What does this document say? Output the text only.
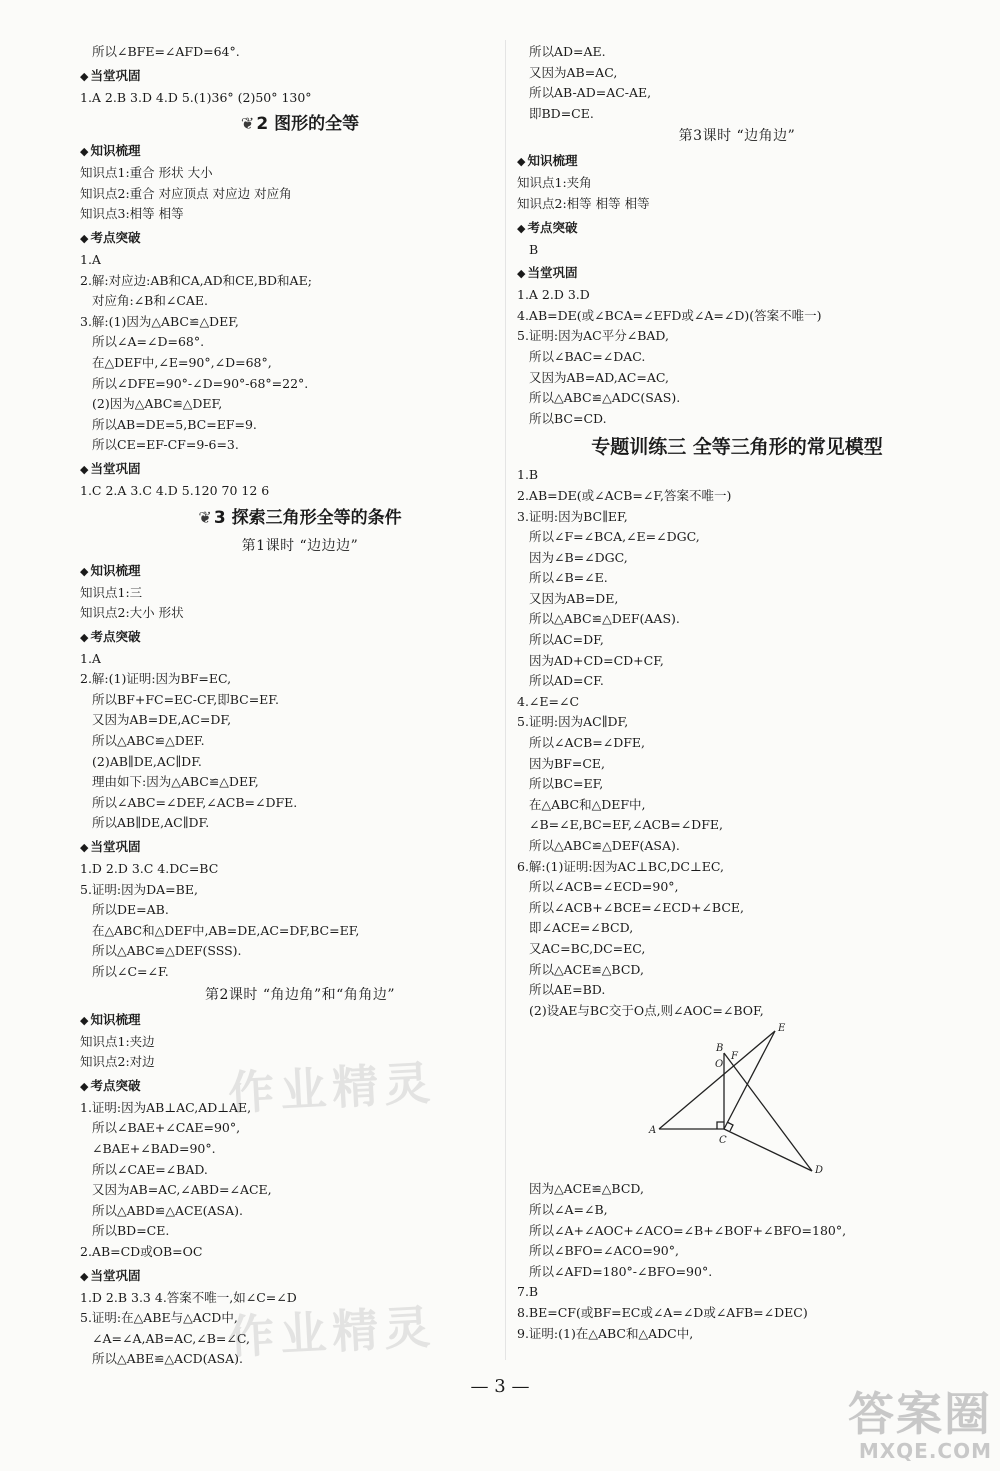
所以∠BFE=∠AFD=64°.
◆ 当堂巩固
1.A 2.B 3.D 4.D 5.(1)36° (2)50° 130°
❦ 2 图形的全等
◆ 知识梳理
知识点1:重合 形状 大小
知识点2:重合 对应顶点 对应边 对应角
知识点3:相等 相等
◆ 考点突破
1.A
2.解:对应边:AB和CA,AD和CE,BD和AE;
对应角:∠B和∠CAE.
3.解:(1)因为△ABC≌△DEF,
所以∠A=∠D=68°.
在△DEF中,∠E=90°,∠D=68°,
所以∠DFE=90°-∠D=90°-68°=22°.
(2)因为△ABC≌△DEF,
所以AB=DE=5,BC=EF=9.
所以CE=EF-CF=9-6=3.
◆ 当堂巩固
1.C 2.A 3.C 4.D 5.120 70 12 6
❦ 3 探索三角形全等的条件
第1课时 “边边边”
◆ 知识梳理
知识点1:三
知识点2:大小 形状
◆ 考点突破
1.A
2.解:(1)证明:因为BF=EC,
所以BF+FC=EC-CF,即BC=EF.
又因为AB=DE,AC=DF,
所以△ABC≌△DEF.
(2)AB∥DE,AC∥DF.
理由如下:因为△ABC≌△DEF,
所以∠ABC=∠DEF,∠ACB=∠DFE.
所以AB∥DE,AC∥DF.
◆ 当堂巩固
1.D 2.D 3.C 4.DC=BC
5.证明:因为DA=BE,
所以DE=AB.
在△ABC和△DEF中,AB=DE,AC=DF,BC=EF,
所以△ABC≌△DEF(SSS).
所以∠C=∠F.
第2课时 “角边角”和“角角边”
◆ 知识梳理
知识点1:夹边
知识点2:对边
◆ 考点突破
1.证明:因为AB⊥AC,AD⊥AE,
所以∠BAE+∠CAE=90°,
∠BAE+∠BAD=90°.
所以∠CAE=∠BAD.
又因为AB=AC,∠ABD=∠ACE,
所以△ABD≌△ACE(ASA).
所以BD=CE.
2.AB=CD或OB=OC
◆ 当堂巩固
1.D 2.B 3.3 4.答案不唯一,如∠C=∠D
5.证明:在△ABE与△ACD中,
∠A=∠A,AB=AC,∠B=∠C,
所以△ABE≌△ACD(ASA).
所以AD=AE.
又因为AB=AC,
所以AB-AD=AC-AE,
即BD=CE.
第3课时 “边角边”
◆ 知识梳理
知识点1:夹角
知识点2:相等 相等 相等
◆ 考点突破
B
◆ 当堂巩固
1.A 2.D 3.D
4.AB=DE(或∠BCA=∠EFD或∠A=∠D)(答案不唯一)
5.证明:因为AC平分∠BAD,
所以∠BAC=∠DAC.
又因为AB=AD,AC=AC,
所以△ABC≌△ADC(SAS).
所以BC=CD.
专题训练三 全等三角形的常见模型
1.B
2.AB=DE(或∠ACB=∠F,答案不唯一)
3.证明:因为BC∥EF,
所以∠F=∠BCA,∠E=∠DGC,
因为∠B=∠DGC,
所以∠B=∠E.
又因为AB=DE,
所以△ABC≌△DEF(AAS).
所以AC=DF,
因为AD+CD=CD+CF,
所以AD=CF.
4.∠E=∠C
5.证明:因为AC∥DF,
所以∠ACB=∠DFE,
因为BF=CE,
所以BC=EF,
在△ABC和△DEF中,
∠B=∠E,BC=EF,∠ACB=∠DFE,
所以△ABC≌△DEF(ASA).
6.解:(1)证明:因为AC⊥BC,DC⊥EC,
所以∠ACB=∠ECD=90°,
所以∠ACB+∠BCE=∠ECD+∠BCE,
即∠ACE=∠BCD,
又AC=BC,DC=EC,
所以△ACE≌△BCD,
所以AE=BD.
(2)设AE与BC交于O点,则∠AOC=∠BOF,
A
B
C
D
E
O
F
因为△ACE≌△BCD,
所以∠A=∠B,
所以∠A+∠AOC+∠ACO=∠B+∠BOF+∠BFO=180°,
所以∠BFO=∠ACO=90°,
所以∠AFD=180°-∠BFO=90°.
7.B
8.BE=CF(或BF=EC或∠A=∠D或∠AFB=∠DEC)
9.证明:(1)在△ABC和△ADC中,
作业精灵
作业精灵
— 3 —
答案圈
MXQE.COM
